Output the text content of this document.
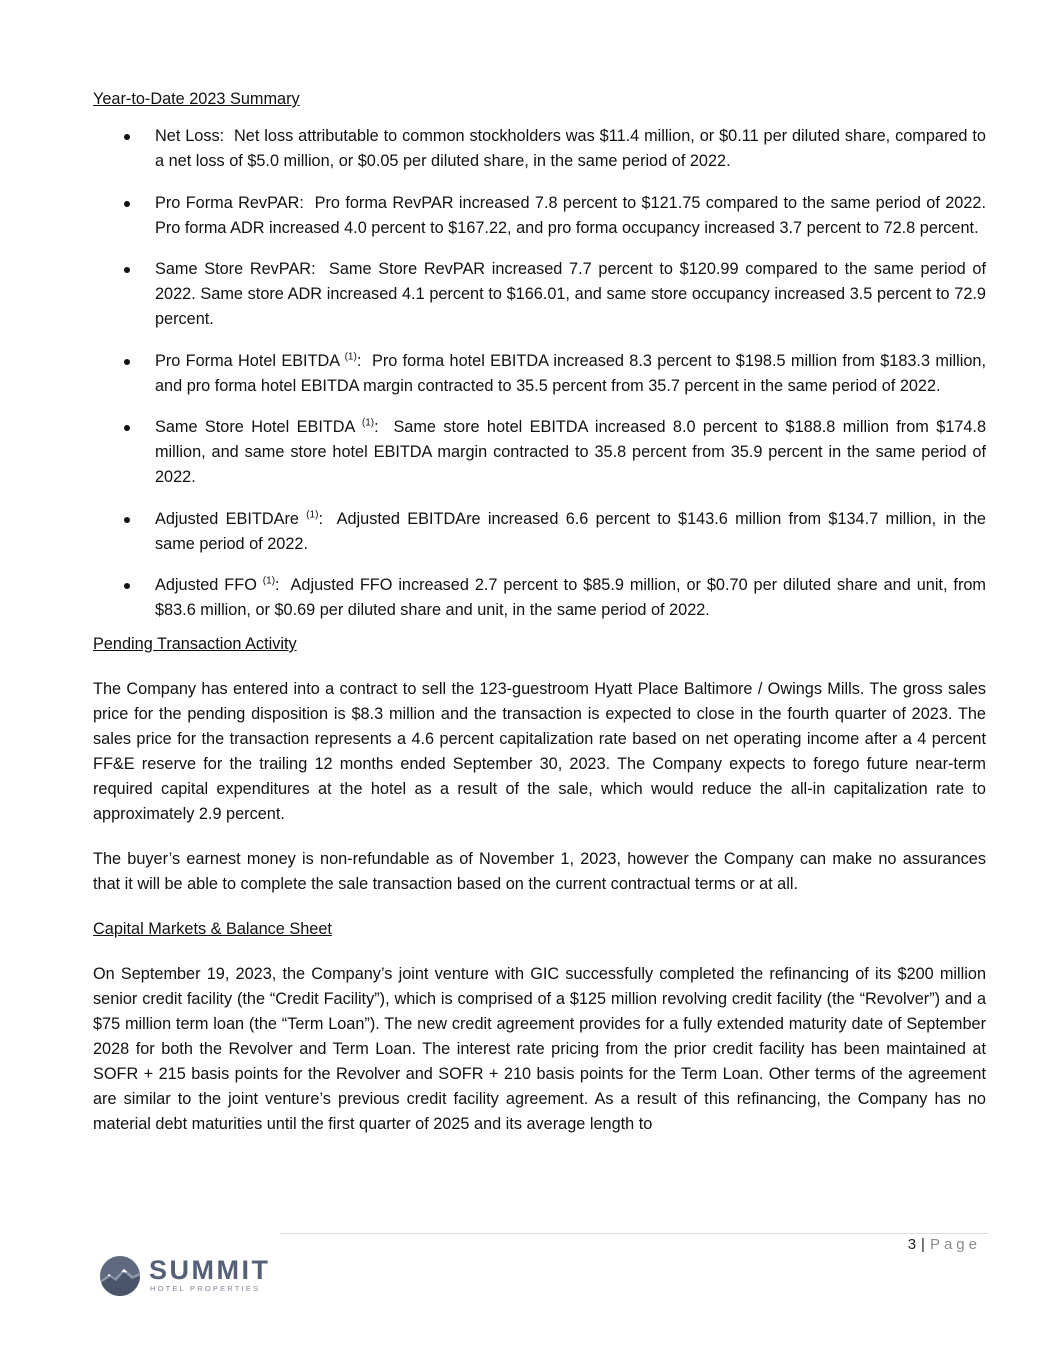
Year-to-Date 2023 Summary
Net Loss: Net loss attributable to common stockholders was $11.4 million, or $0.11 per diluted share, compared to a net loss of $5.0 million, or $0.05 per diluted share, in the same period of 2022.
Pro Forma RevPAR: Pro forma RevPAR increased 7.8 percent to $121.75 compared to the same period of 2022. Pro forma ADR increased 4.0 percent to $167.22, and pro forma occupancy increased 3.7 percent to 72.8 percent.
Same Store RevPAR: Same Store RevPAR increased 7.7 percent to $120.99 compared to the same period of 2022. Same store ADR increased 4.1 percent to $166.01, and same store occupancy increased 3.5 percent to 72.9 percent.
Pro Forma Hotel EBITDA $^{(1)}$:  Pro forma hotel EBITDA increased 8.3 percent to $198.5 million from $183.3 million, and pro forma hotel EBITDA margin contracted to 35.5 percent from 35.7 percent in the same period of 2022.
Same Store Hotel EBITDA $^{(1)}$:  Same store hotel EBITDA increased 8.0 percent to $188.8 million from $174.8 million, and same store hotel EBITDA margin contracted to 35.8 percent from 35.9 percent in the same period of 2022.
Adjusted EBITDAre $^{(1)}$:  Adjusted EBITDAre increased 6.6 percent to $143.6 million from $134.7 million, in the same period of 2022.
Adjusted FFO $^{(1)}$:  Adjusted FFO increased 2.7 percent to $85.9 million, or $0.70 per diluted share and unit, from $83.6 million, or $0.69 per diluted share and unit, in the same period of 2022.
Pending Transaction Activity

The Company has entered into a contract to sell the 123-guestroom Hyatt Place Baltimore / Owings Mills. The gross sales price for the pending disposition is $8.3 million and the transaction is expected to close in the fourth quarter of 2023. The sales price for the transaction represents a 4.6 percent capitalization rate based on net operating income after a 4 percent FF&E reserve for the trailing 12 months ended September 30, 2023. The Company expects to forego future near-term required capital expenditures at the hotel as a result of the sale, which would reduce the all-in capitalization rate to approximately 2.9 percent.

The buyer’s earnest money is non-refundable as of November 1, 2023, however the Company can make no assurances that it will be able to complete the sale transaction based on the current contractual terms or at all.

Capital Markets & Balance Sheet

On September 19, 2023, the Company’s joint venture with GIC successfully completed the refinancing of its $200 million senior credit facility (the “Credit Facility”), which is comprised of a $125 million revolving credit facility (the “Revolver”) and a $75 million term loan (the “Term Loan”). The new credit agreement provides for a fully extended maturity date of September 2028 for both the Revolver and Term Loan. The interest rate pricing from the prior credit facility has been maintained at SOFR + 215 basis points for the Revolver and SOFR + 210 basis points for the Term Loan. Other terms of the agreement are similar to the joint venture’s previous credit facility agreement. As a result of this refinancing, the Company has no material debt maturities until the first quarter of 2025 and its average length to

3 | Page
SUMMIT
HOTEL PROPERTIES
